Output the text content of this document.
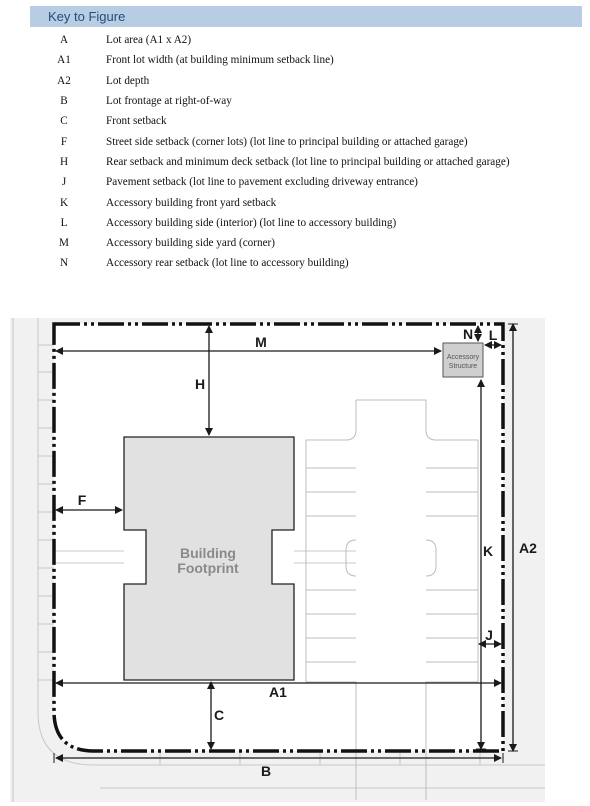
Key to Figure
A	Lot area (A1 x A2)
A1	Front lot width (at building minimum setback line)
A2	Lot depth
B	Lot frontage at right-of-way
C	Front setback
F	Street side setback (corner lots) (lot line to principal building or attached garage)
H	Rear setback and minimum deck setback (lot line to principal building or attached garage)
J	Pavement setback (lot line to pavement excluding driveway entrance)
K	Accessory building front yard setback
L	Accessory building side (interior) (lot line to accessory building)
M	Accessory building side yard (corner)
N	Accessory rear setback (lot line to accessory building)
Building
Footprint
Accessory
Structure
M	N L
H
F
K A2
J
A1
C
B
